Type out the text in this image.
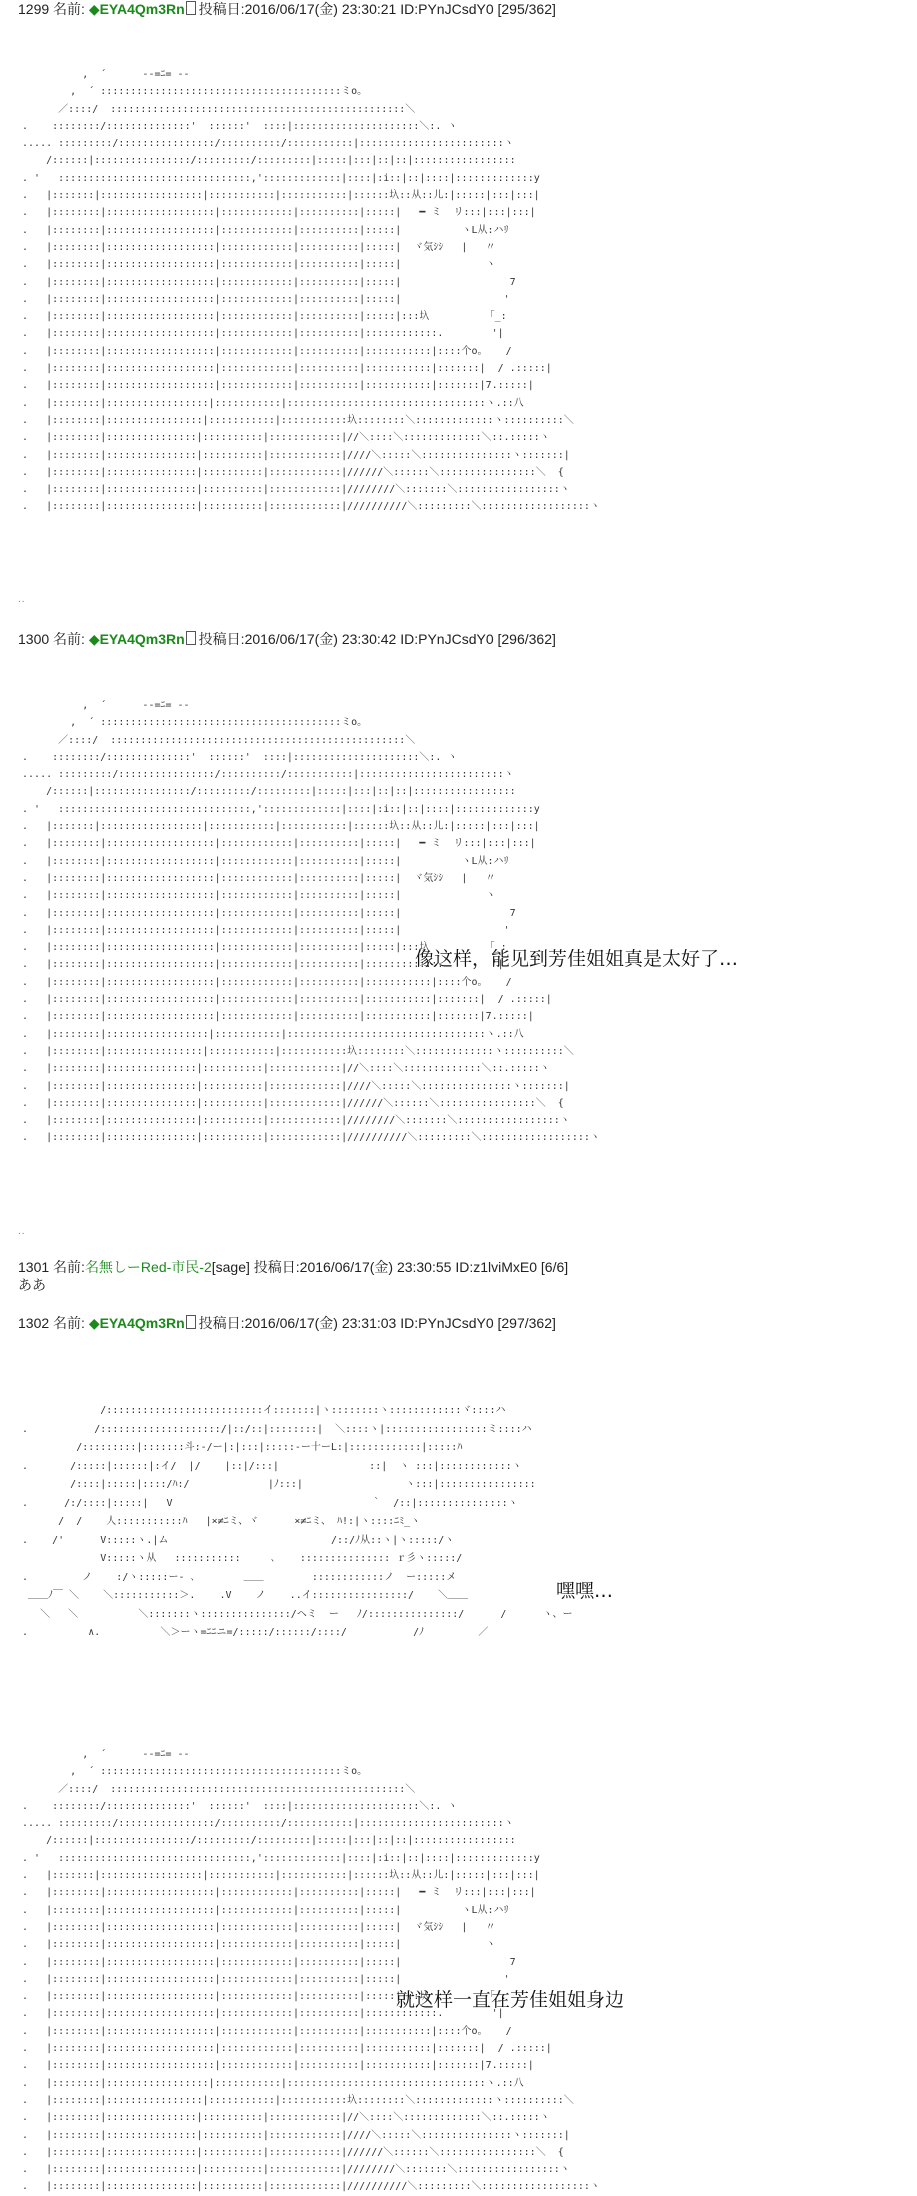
1299 名前: ◆EYA4Qm3Rn 投稿日:2016/06/17(金) 23:30:21 ID:PYnJCsdY0 [295/362]
,  ´      --=ﾆ= --
,  ´ ::::::::::::::::::::::::::::::::::::::::ミo。
／::::/  :::::::::::::::::::::::::::::::::::::::::::::::::＼
.    ::::::::/::::::::::::::'  ::::::'  ::::|:::::::::::::::::::::＼:. ヽ
..... :::::::::/::::::::::::::::/::::::::::/:::::::::::|::::::::::::::::::::::::ヽ
/::::::|::::::::::::::::/:::::::::/:::::::::|:::::|:::|::|::|:::::::::::::::::
. '   ::::::::::::::::::::::::::::::::,':::::::::::::|::::|:i::|::|::::|:::::::::::::y
.   |:::::::|:::::::::::::::::|:::::::::::|:::::::::::|::::::圦::从::儿:|:::::|:::|:::|
.   |::::::::|::::::::::::::::::|::::::::::::|::::::::::|:::::|   ━ ミ  リ:::|:::|:::|
.   |::::::::|::::::::::::::::::|::::::::::::|::::::::::|:::::|          ヽL从:ハﾘ
.   |::::::::|::::::::::::::::::|::::::::::::|::::::::::|:::::|  ヾ気ｼｼ   |   〃
.   |::::::::|::::::::::::::::::|::::::::::::|::::::::::|:::::|              ヽ
.   |::::::::|::::::::::::::::::|::::::::::::|::::::::::|:::::|                  7
.   |::::::::|::::::::::::::::::|::::::::::::|::::::::::|:::::|                 '
.   |::::::::|::::::::::::::::::|::::::::::::|::::::::::|:::::|:::圦          ｢_:
.   |::::::::|::::::::::::::::::|::::::::::::|::::::::::|::::::::::::.        '|
.   |::::::::|::::::::::::::::::|::::::::::::|::::::::::|:::::::::::|::::个o。   /
.   |::::::::|::::::::::::::::::|::::::::::::|::::::::::|:::::::::::|:::::::|  / .:::::|
.   |::::::::|::::::::::::::::::|::::::::::::|::::::::::|:::::::::::|:::::::|7.:::::|
.   |::::::::|:::::::::::::::::|:::::::::::|:::::::::::::::::::::::::::::::::ヽ.::八
.   |::::::::|::::::::::::::::|:::::::::::|:::::::::::圦::::::::＼:::::::::::::ヽ::::::::::＼
.   |::::::::|:::::::::::::::|::::::::::|::::::::::::|//＼::::＼:::::::::::::＼::.:::::ヽ
.   |::::::::|:::::::::::::::|::::::::::|::::::::::::|////＼:::::＼:::::::::::::::ヽ:::::::|
.   |::::::::|:::::::::::::::|::::::::::|::::::::::::|//////＼::::::＼::::::::::::::::＼  {
.   |::::::::|:::::::::::::::|::::::::::|::::::::::::|////////＼:::::::＼:::::::::::::::::ヽ
.   |::::::::|:::::::::::::::|::::::::::|::::::::::::|//////////＼:::::::::＼::::::::::::::::::ヽ
..
1300 名前: ◆EYA4Qm3Rn 投稿日:2016/06/17(金) 23:30:42 ID:PYnJCsdY0 [296/362]
,  ´      --=ﾆ= --
,  ´ ::::::::::::::::::::::::::::::::::::::::ミo。
／::::/  :::::::::::::::::::::::::::::::::::::::::::::::::＼
.    ::::::::/::::::::::::::'  ::::::'  ::::|:::::::::::::::::::::＼:. ヽ
..... :::::::::/::::::::::::::::/::::::::::/:::::::::::|::::::::::::::::::::::::ヽ
/::::::|::::::::::::::::/:::::::::/:::::::::|:::::|:::|::|::|:::::::::::::::::
. '   ::::::::::::::::::::::::::::::::,':::::::::::::|::::|:i::|::|::::|:::::::::::::y
.   |:::::::|:::::::::::::::::|:::::::::::|:::::::::::|::::::圦::从::儿:|:::::|:::|:::|
.   |::::::::|::::::::::::::::::|::::::::::::|::::::::::|:::::|   ━ ミ  リ:::|:::|:::|
.   |::::::::|::::::::::::::::::|::::::::::::|::::::::::|:::::|          ヽL从:ハﾘ
.   |::::::::|::::::::::::::::::|::::::::::::|::::::::::|:::::|  ヾ気ｼｼ   |   〃
.   |::::::::|::::::::::::::::::|::::::::::::|::::::::::|:::::|              ヽ
.   |::::::::|::::::::::::::::::|::::::::::::|::::::::::|:::::|                  7
.   |::::::::|::::::::::::::::::|::::::::::::|::::::::::|:::::|                 '
.   |::::::::|::::::::::::::::::|::::::::::::|::::::::::|:::::|:::圦          ｢_:
.   |::::::::|::::::::::::::::::|::::::::::::|::::::::::|::::::::::::.        '|
.   |::::::::|::::::::::::::::::|::::::::::::|::::::::::|:::::::::::|::::个o。   /
.   |::::::::|::::::::::::::::::|::::::::::::|::::::::::|:::::::::::|:::::::|  / .:::::|
.   |::::::::|::::::::::::::::::|::::::::::::|::::::::::|:::::::::::|:::::::|7.:::::|
.   |::::::::|:::::::::::::::::|:::::::::::|:::::::::::::::::::::::::::::::::ヽ.::八
.   |::::::::|::::::::::::::::|:::::::::::|:::::::::::圦::::::::＼:::::::::::::ヽ::::::::::＼
.   |::::::::|:::::::::::::::|::::::::::|::::::::::::|//＼::::＼:::::::::::::＼::.:::::ヽ
.   |::::::::|:::::::::::::::|::::::::::|::::::::::::|////＼:::::＼:::::::::::::::ヽ:::::::|
.   |::::::::|:::::::::::::::|::::::::::|::::::::::::|//////＼::::::＼::::::::::::::::＼  {
.   |::::::::|:::::::::::::::|::::::::::|::::::::::::|////////＼:::::::＼:::::::::::::::::ヽ
.   |::::::::|:::::::::::::::|::::::::::|::::::::::::|//////////＼:::::::::＼::::::::::::::::::ヽ
像这样，能见到芳佳姐姐真是太好了…
..
1301 名前:名無しーRed-市民-2[sage] 投稿日:2016/06/17(金) 23:30:55 ID:z1lviMxE0 [6/6]
ああ
1302 名前: ◆EYA4Qm3Rn 投稿日:2016/06/17(金) 23:31:03 ID:PYnJCsdY0 [297/362]
/::::::::::::::::::::::::::イ:::::::|ヽ::::::::ヽ::::::::::::ヾ::::ハ
.           /::::::::::::::::::::/|::/::|::::::::|  ＼::::ヽ|:::::::::::::::::ミ::::ハ
/:::::::::|:::::::斗:-/ー|:|:::|:::::-ー十ーL:|::::::::::::|:::::ﾊ
.       /:::::|::::::|:イ/  |/    |::|/:::|               ::|  ヽ :::|::::::::::::ヽ
/::::|:::::|::::/ﾊ:/             |ﾉ:::|                 ヽ:::|::::::::::::::::
.      /:/::::|:::::|   V                                 ｀  /::|:::::::::::::::ヽ
/  /    人:::::::::::ﾊ   |×≠ﾆミ、ヾ      ×≠ﾆミ、 ﾊ!:|ヽ::::ﾆﾐ_ヽ
.    /'      V:::::ヽ.|ム                           /::/ﾉ从::ヽ|ヽ:::::/ヽ
V:::::ヽ从   :::::::::::     ､    ::::::::::::::: ｒ彡ヽ:::::/
.         ノ    :/ヽ:::::ー- ､        ＿＿        ::::::::::::ノ  ー:::::メ
＿＿ﾉ￣ ＼    ＼:::::::::::＞.    .V    ノ    ..イ::::::::::::::::/    ＼＿＿
＼   ＼          ＼:::::::ヽ:::::::::::::::/ヘミ  ー   ﾉ/:::::::::::::::/      /      ヽ、ー
.          ∧.          ＼＞ーヽ=ﾆﾆニ=/:::::/::::::/::::/           /ﾉ         ／
嘿嘿…
,  ´      --=ﾆ= --
,  ´ ::::::::::::::::::::::::::::::::::::::::ミo。
／::::/  :::::::::::::::::::::::::::::::::::::::::::::::::＼
.    ::::::::/::::::::::::::'  ::::::'  ::::|:::::::::::::::::::::＼:. ヽ
..... :::::::::/::::::::::::::::/::::::::::/:::::::::::|::::::::::::::::::::::::ヽ
/::::::|::::::::::::::::/:::::::::/:::::::::|:::::|:::|::|::|:::::::::::::::::
. '   ::::::::::::::::::::::::::::::::,':::::::::::::|::::|:i::|::|::::|:::::::::::::y
.   |:::::::|:::::::::::::::::|:::::::::::|:::::::::::|::::::圦::从::儿:|:::::|:::|:::|
.   |::::::::|::::::::::::::::::|::::::::::::|::::::::::|:::::|   ━ ミ  リ:::|:::|:::|
.   |::::::::|::::::::::::::::::|::::::::::::|::::::::::|:::::|          ヽL从:ハﾘ
.   |::::::::|::::::::::::::::::|::::::::::::|::::::::::|:::::|  ヾ気ｼｼ   |   〃
.   |::::::::|::::::::::::::::::|::::::::::::|::::::::::|:::::|              ヽ
.   |::::::::|::::::::::::::::::|::::::::::::|::::::::::|:::::|                  7
.   |::::::::|::::::::::::::::::|::::::::::::|::::::::::|:::::|                 '
.   |::::::::|::::::::::::::::::|::::::::::::|::::::::::|:::::|:::圦          ｢_:
.   |::::::::|::::::::::::::::::|::::::::::::|::::::::::|::::::::::::.        '|
.   |::::::::|::::::::::::::::::|::::::::::::|::::::::::|:::::::::::|::::个o。   /
.   |::::::::|::::::::::::::::::|::::::::::::|::::::::::|:::::::::::|:::::::|  / .:::::|
.   |::::::::|::::::::::::::::::|::::::::::::|::::::::::|:::::::::::|:::::::|7.:::::|
.   |::::::::|:::::::::::::::::|:::::::::::|:::::::::::::::::::::::::::::::::ヽ.::八
.   |::::::::|::::::::::::::::|:::::::::::|:::::::::::圦::::::::＼:::::::::::::ヽ::::::::::＼
.   |::::::::|:::::::::::::::|::::::::::|::::::::::::|//＼::::＼:::::::::::::＼::.:::::ヽ
.   |::::::::|:::::::::::::::|::::::::::|::::::::::::|////＼:::::＼:::::::::::::::ヽ:::::::|
.   |::::::::|:::::::::::::::|::::::::::|::::::::::::|//////＼::::::＼::::::::::::::::＼  {
.   |::::::::|:::::::::::::::|::::::::::|::::::::::::|////////＼:::::::＼:::::::::::::::::ヽ
.   |::::::::|:::::::::::::::|::::::::::|::::::::::::|//////////＼:::::::::＼::::::::::::::::::ヽ
就这样一直在芳佳姐姐身边
